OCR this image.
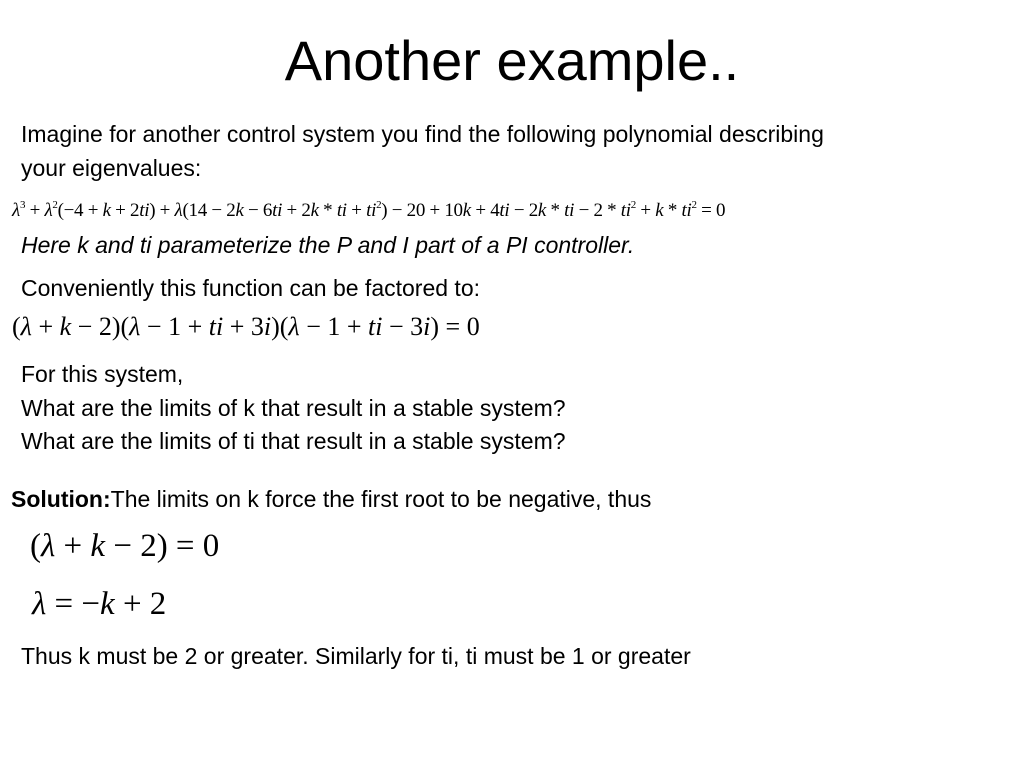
Another example..
Imagine for another control system you find the following polynomial describing
your eigenvalues:
$\lambda^3 + \lambda^2(-4 + k + 2ti) + \lambda(14 - 2k - 6ti + 2k$ * ti + $ti^2) - 20 + 10k + 4ti - 2k$ * ti − $2 * ti^2 + k * ti^2 = 0$
Here k and ti parameterize the P and I part of a PI controller.
Conveniently this function can be factored to:
(λ + k − 2)(λ − 1 + ti + 3i)(λ − 1 + ti − 3i) = 0
For this system,
What are the limits of k that result in a stable system?
What are the limits of ti that result in a stable system?
Solution:The limits on k force the first root to be negative, thus
(λ + k − 2) = 0
λ = −k + 2
Thus k must be 2 or greater. Similarly for ti, ti must be 1 or greater
